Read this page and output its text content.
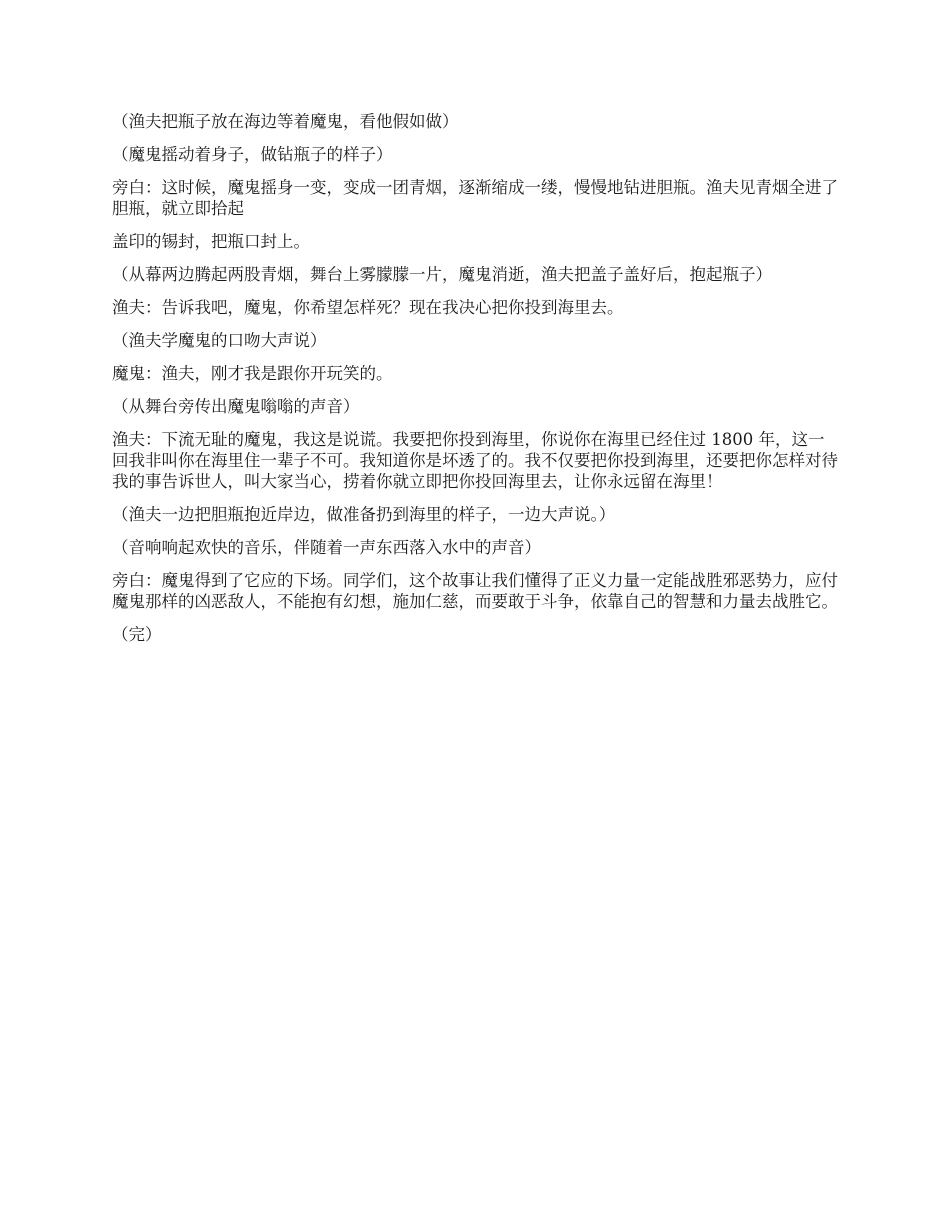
（渔夫把瓶子放在海边等着魔鬼，看他假如做）

（魔鬼摇动着身子，做钻瓶子的样子）

旁白：这时候，魔鬼摇身一变，变成一团青烟，逐渐缩成一缕，慢慢地钻进胆瓶。渔夫见青烟全进了胆瓶，就立即拾起

盖印的锡封，把瓶口封上。

（从幕两边腾起两股青烟，舞台上雾朦朦一片，魔鬼消逝，渔夫把盖子盖好后，抱起瓶子）

渔夫：告诉我吧，魔鬼，你希望怎样死？现在我决心把你投到海里去。

（渔夫学魔鬼的口吻大声说）

魔鬼：渔夫，刚才我是跟你开玩笑的。

（从舞台旁传出魔鬼嗡嗡的声音）

渔夫：下流无耻的魔鬼，我这是说谎。我要把你投到海里，你说你在海里已经住过 1800 年，这一回我非叫你在海里住一辈子不可。我知道你是坏透了的。我不仅要把你投到海里，还要把你怎样对待我的事告诉世人，叫大家当心，捞着你就立即把你投回海里去，让你永远留在海里！

（渔夫一边把胆瓶抱近岸边，做准备扔到海里的样子，一边大声说。）

（音响响起欢快的音乐，伴随着一声东西落入水中的声音）

旁白：魔鬼得到了它应的下场。同学们，这个故事让我们懂得了正义力量一定能战胜邪恶势力，应付魔鬼那样的凶恶敌人，不能抱有幻想，施加仁慈，而要敢于斗争，依靠自己的智慧和力量去战胜它。

（完）
